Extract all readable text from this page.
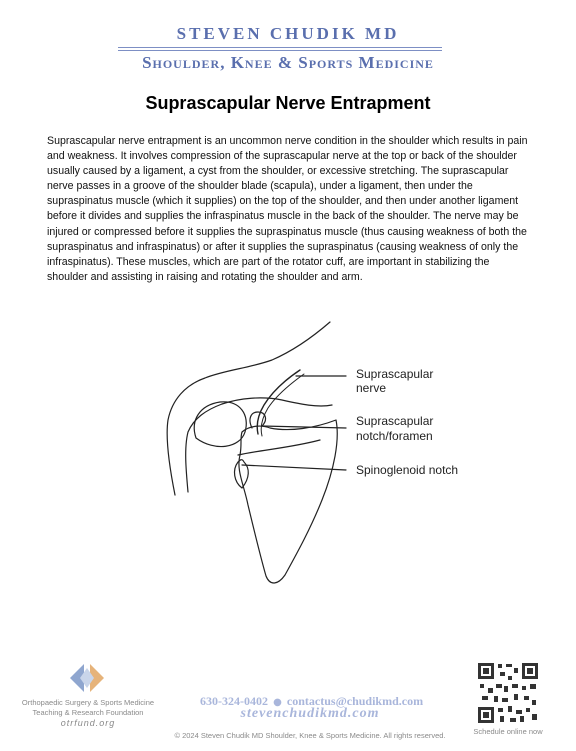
STEVEN CHUDIK MD
Shoulder, Knee & Sports Medicine
Suprascapular Nerve Entrapment

Suprascapular nerve entrapment is an uncommon nerve condition in the shoulder which results in pain and weakness. It involves compression of the suprascapular nerve at the top or back of the shoulder usually caused by a ligament, a cyst from the shoulder, or excessive stretching. The suprascapular nerve passes in a groove of the shoulder blade (scapula), under a ligament, then under the supraspinatus muscle (which it supplies) on the top of the shoulder, and then under another ligament before it divides and supplies the infraspinatus muscle in the back of the shoulder. The nerve may be injured or compressed before it supplies the supraspinatus muscle (thus causing weakness of both the supraspinatus and infraspinatus) or after it supplies the supraspinatus (causing weakness of only the infraspinatus). These muscles, which are part of the rotator cuff, are important in stabilizing the shoulder and assisting in raising and rotating the shoulder and arm.

Suprascapular
nerve
Suprascapular
notch/foramen
Spinoglenoid notch
Orthopaedic Surgery & Sports Medicine
Teaching & Research Foundation
otrfund.org
630-324-0402 ● contactus@chudikmd.com
stevenchudikmd.com
© 2024 Steven Chudik MD Shoulder, Knee & Sports Medicine. All rights reserved.	Schedule online now
